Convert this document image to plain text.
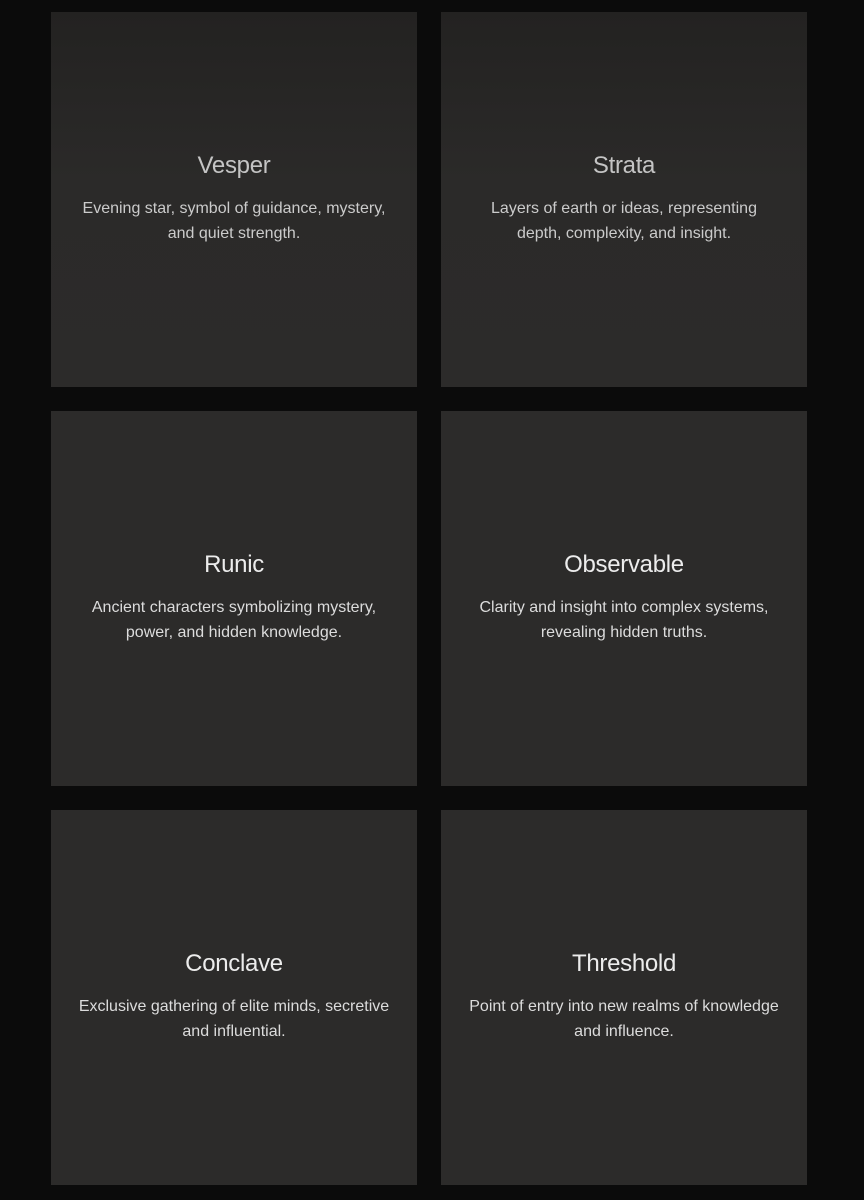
Vesper

Evening star, symbol of guidance, mystery, and quiet strength.

Strata

Layers of earth or ideas, representing depth, complexity, and insight.

Runic

Ancient characters symbolizing mystery, power, and hidden knowledge.

Observable

Clarity and insight into complex systems, revealing hidden truths.

Conclave

Exclusive gathering of elite minds, secretive and influential.

Threshold

Point of entry into new realms of knowledge and influence.
